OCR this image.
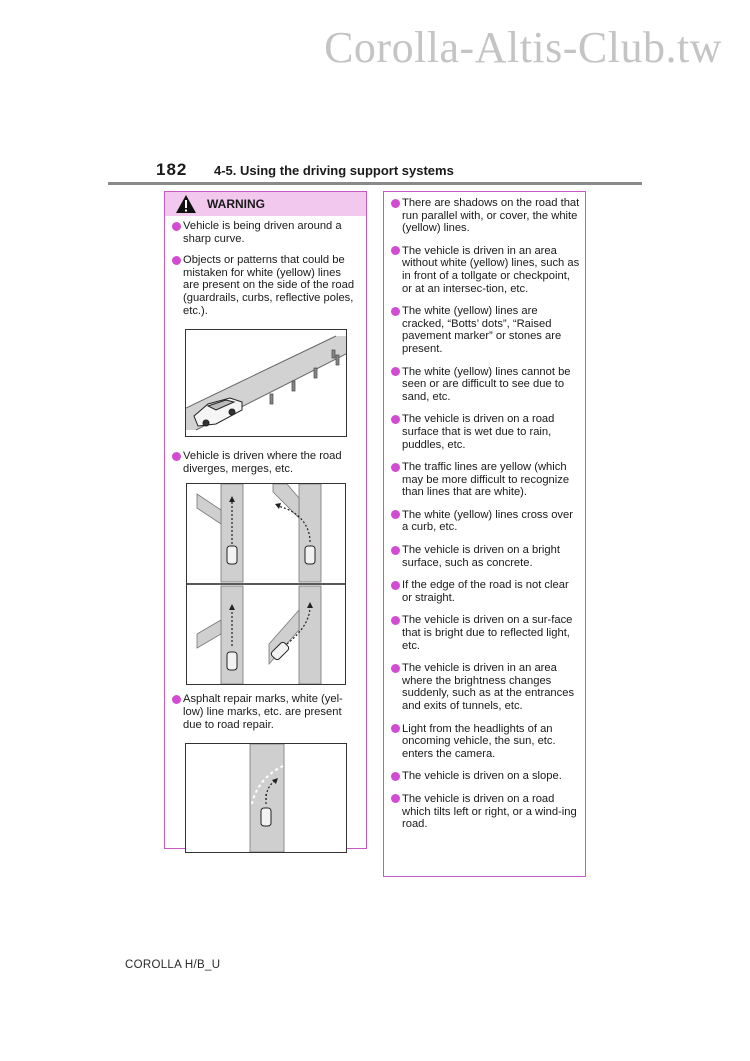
Corolla-Altis-Club.tw
182 4-5. Using the driving support systems
WARNING
Vehicle is being driven around a sharp curve.
Objects or patterns that could be mistaken for white (yellow) lines are present on the side of the road (guardrails, curbs, reflective poles, etc.).
Vehicle is driven where the road diverges, merges, etc.
Asphalt repair marks, white (yel-low) line marks, etc. are present due to road repair.
There are shadows on the road that run parallel with, or cover, the white (yellow) lines.
The vehicle is driven in an area without white (yellow) lines, such as in front of a tollgate or checkpoint, or at an intersec-tion, etc.
The white (yellow) lines are cracked, “Botts’ dots”, “Raised pavement marker” or stones are present.
The white (yellow) lines cannot be seen or are difficult to see due to sand, etc.
The vehicle is driven on a road surface that is wet due to rain, puddles, etc.
The traffic lines are yellow (which may be more difficult to recognize than lines that are white).
The white (yellow) lines cross over a curb, etc.
The vehicle is driven on a bright surface, such as concrete.
If the edge of the road is not clear or straight.
The vehicle is driven on a sur-face that is bright due to reflected light, etc.
The vehicle is driven in an area where the brightness changes suddenly, such as at the entrances and exits of tunnels, etc.
Light from the headlights of an oncoming vehicle, the sun, etc. enters the camera.
The vehicle is driven on a slope.
The vehicle is driven on a road which tilts left or right, or a wind-ing road.
COROLLA H/B_U
